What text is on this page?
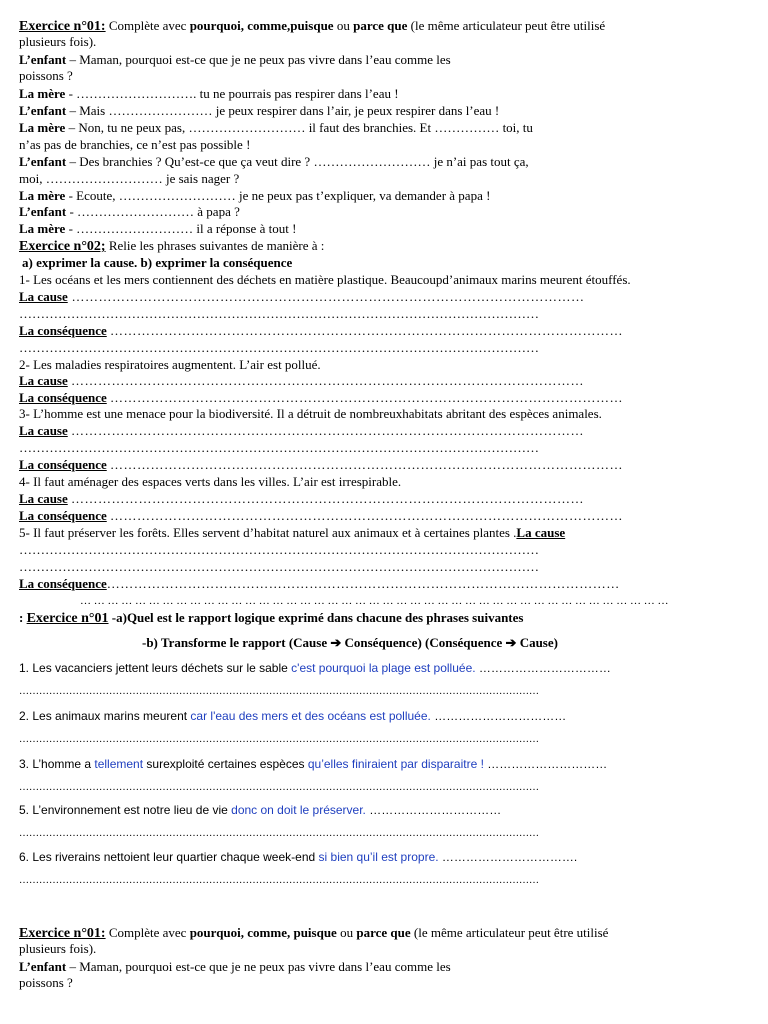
Exercice n°01: Complète avec pourquoi, comme,puisque ou parce que (le même articulateur peut être utilisé
plusieurs fois).
L’enfant – Maman, pourquoi est-ce que je ne peux pas vivre dans l’eau comme les
poissons ?
La mère - ………………………. tu ne pourrais pas respirer dans l’eau !
L’enfant – Mais …………………… je peux respirer dans l’air, je peux respirer dans l’eau !
La mère – Non, tu ne peux pas, ……………………… il faut des branchies. Et …………… toi, tu
n’as pas de branchies, ce n’est pas possible !
L’enfant – Des branchies ? Qu’est-ce que ça veut dire ? ……………………… je n’ai pas tout ça,
moi, ……………………… je sais nager ?
La mère - Ecoute, ……………………… je ne peux pas t’expliquer, va demander à papa !
L’enfant - ……………………… à papa ?
La mère - ……………………… il a réponse à tout !
Exercice n°02; Relie les phrases suivantes de manière à :
a) exprimer la cause. b) exprimer la conséquence
1- Les océans et les mers contiennent des déchets en matière plastique. Beaucoupd’animaux marins meurent étouffés.
La cause ……………………………………………………………………………………………………
…………………………………………………………………………………………………………
La conséquence ……………………………………………………………………………………………………
…………………………………………………………………………………………………………
2- Les maladies respiratoires augmentent. L’air est pollué.
La cause ……………………………………………………………………………………………………
La conséquence ……………………………………………………………………………………………………
3- L’homme est une menace pour la biodiversité. Il a détruit de nombreuxhabitats abritant des espèces animales.
La cause ……………………………………………………………………………………………………
…………………………………………………………………………………………………………
La conséquence ……………………………………………………………………………………………………
4- Il faut aménager des espaces verts dans les villes. L’air est irrespirable.
La cause ……………………………………………………………………………………………………
La conséquence ……………………………………………………………………………………………………
5- Il faut préserver les forêts. Elles servent d’habitat naturel aux animaux et à certaines plantes .La cause
…………………………………………………………………………………………………………
…………………………………………………………………………………………………………
La conséquence……………………………………………………………………………………………………
… … … … … … … … … … … … … … … … … … … … … … … … … … … … … … … … … … … … … … … … … … …
: Exercice n°01 -a)Quel est le rapport logique exprimé dans chacune des phrases suivantes
-b) Transforme le rapport (Cause ➔ Conséquence) (Conséquence ➔ Cause)
1. Les vacanciers jettent leurs déchets sur le sable c'est pourquoi la plage est polluée. ……………………………
…………………………………………………………………………………………………………………………………………
2. Les animaux marins meurent car l'eau des mers et des océans est polluée. ……………………………
…………………………………………………………………………………………………………………………………………
3. L’homme a tellement surexploité certaines espèces qu’elles finiraient par disparaitre ! …………………………
…………………………………………………………………………………………………………………………………………
5. L’environnement est notre lieu de vie donc on doit le préserver. ……………………………
…………………………………………………………………………………………………………………………………………
6. Les riverains nettoient leur quartier chaque week-end si bien qu’il est propre. …………………………….
…………………………………………………………………………………………………………………………………………
Exercice n°01: Complète avec pourquoi, comme, puisque ou parce que (le même articulateur peut être utilisé
plusieurs fois).
L’enfant – Maman, pourquoi est-ce que je ne peux pas vivre dans l’eau comme les
poissons ?
